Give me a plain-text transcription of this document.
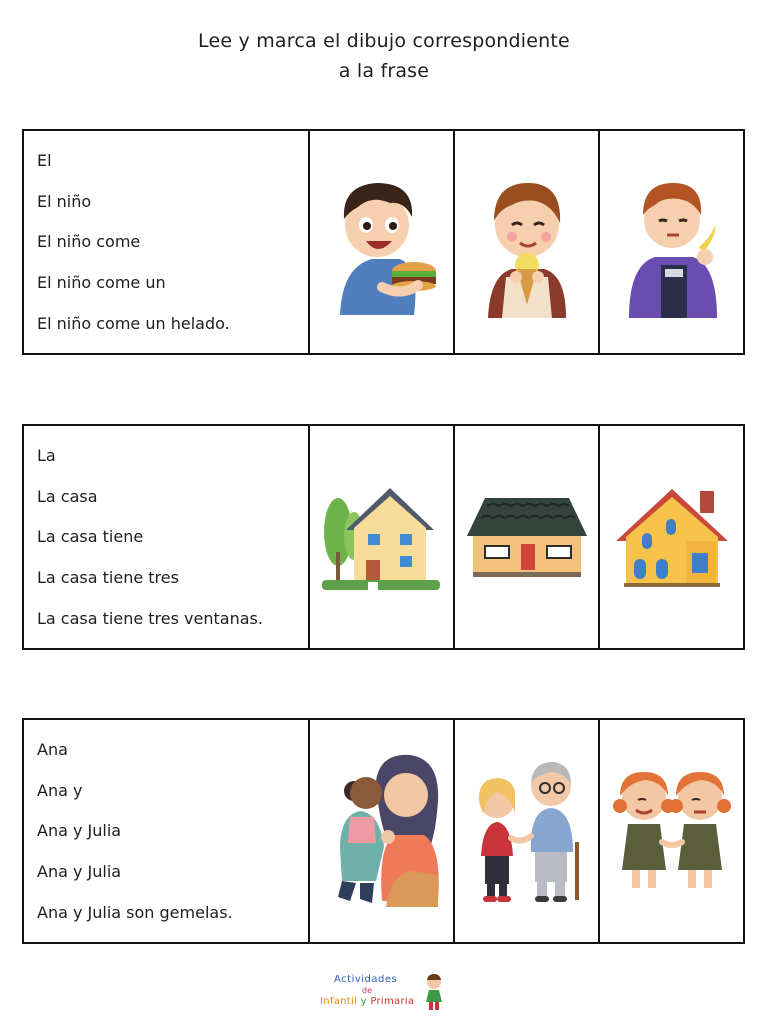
Lee y marca el dibujo correspondiente
a la frase
El
El niño
El niño come
El niño come un
El niño come un helado.
La
La casa
La casa tiene
La casa tiene tres
La casa tiene tres ventanas.
Ana
Ana y
Ana y Julia
Ana y Julia
Ana y Julia son gemelas.
Actividades
de
Infantil y Primaria
